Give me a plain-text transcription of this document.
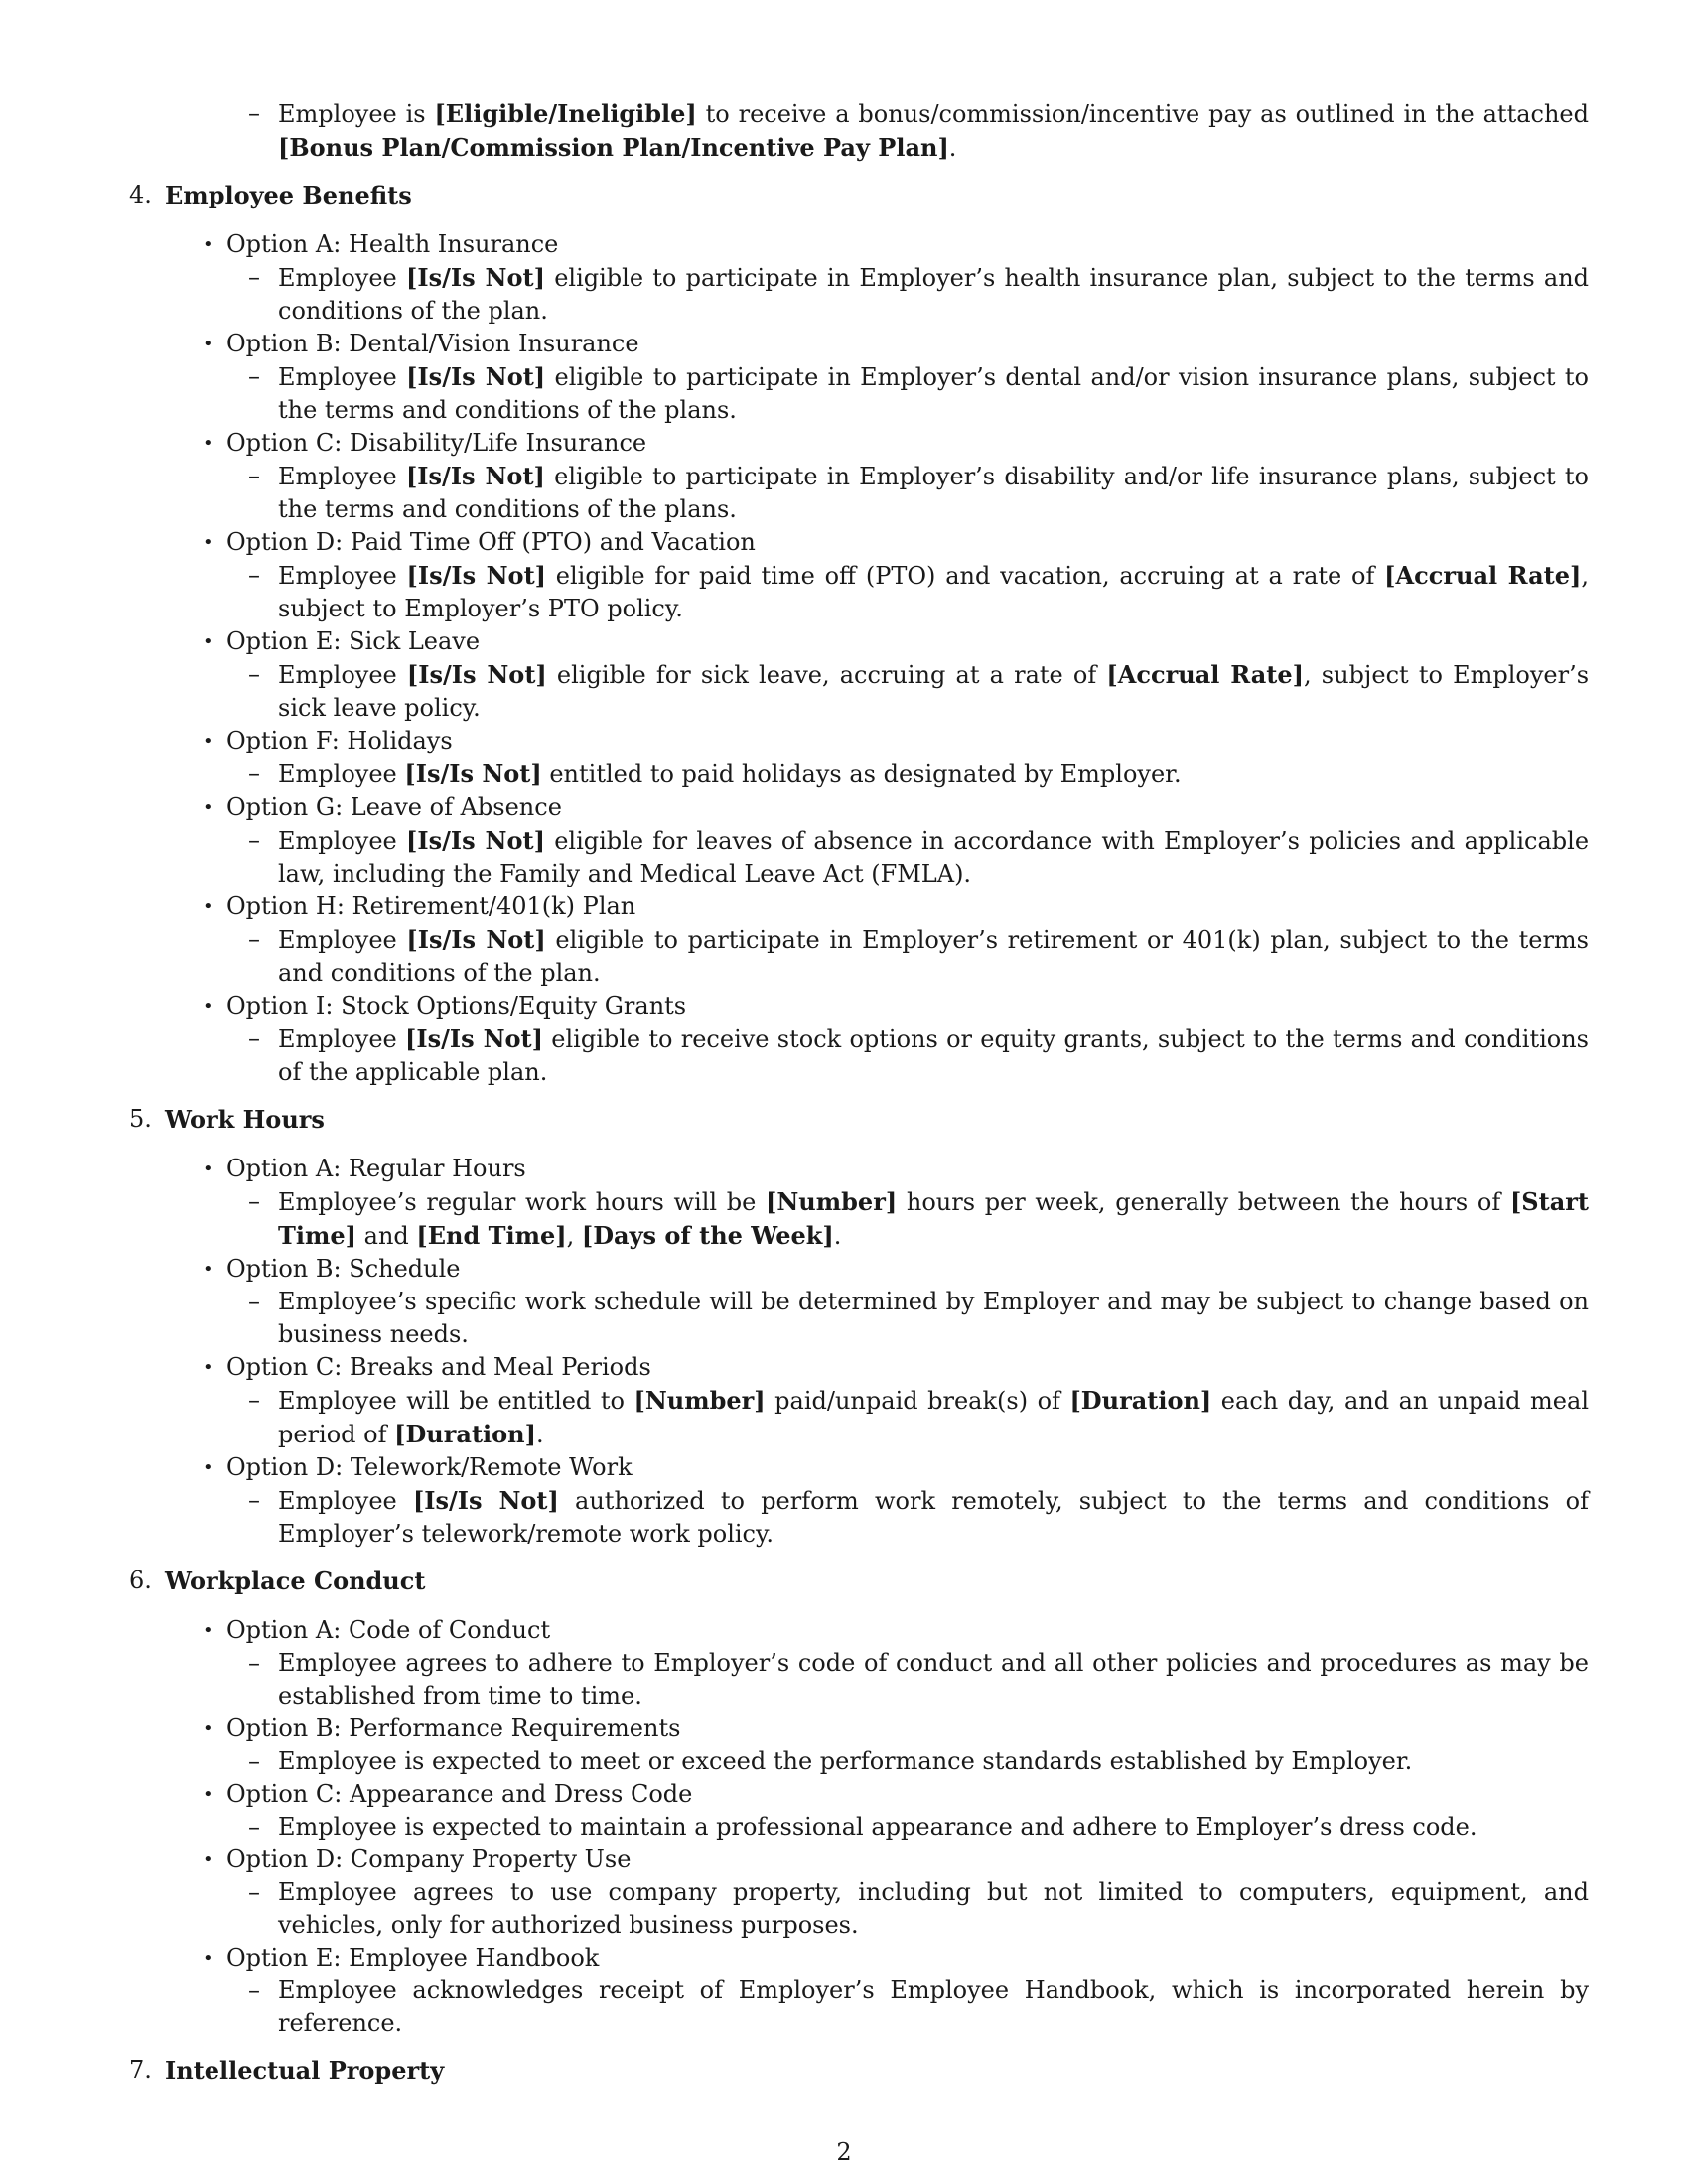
– Employee is [Eligible/Ineligible] to receive a bonus/commission/incentive pay as outlined in the attached [Bonus Plan/Commission Plan/Incentive Pay Plan].
4. Employee Benefits
• Option A: Health Insurance
– Employee [Is/Is Not] eligible to participate in Employer’s health insurance plan, subject to the terms and conditions of the plan.
• Option B: Dental/Vision Insurance
– Employee [Is/Is Not] eligible to participate in Employer’s dental and/or vision insurance plans, subject to the terms and conditions of the plans.
• Option C: Disability/Life Insurance
– Employee [Is/Is Not] eligible to participate in Employer’s disability and/or life insurance plans, subject to the terms and conditions of the plans.
• Option D: Paid Time Off (PTO) and Vacation
– Employee [Is/Is Not] eligible for paid time off (PTO) and vacation, accruing at a rate of [Accrual Rate], subject to Employer’s PTO policy.
• Option E: Sick Leave
– Employee [Is/Is Not] eligible for sick leave, accruing at a rate of [Accrual Rate], subject to Employer’s sick leave policy.
• Option F: Holidays
– Employee [Is/Is Not] entitled to paid holidays as designated by Employer.
• Option G: Leave of Absence
– Employee [Is/Is Not] eligible for leaves of absence in accordance with Employer’s policies and applicable law, including the Family and Medical Leave Act (FMLA).
• Option H: Retirement/401(k) Plan
– Employee [Is/Is Not] eligible to participate in Employer’s retirement or 401(k) plan, subject to the terms and conditions of the plan.
• Option I: Stock Options/Equity Grants
– Employee [Is/Is Not] eligible to receive stock options or equity grants, subject to the terms and conditions of the applicable plan.
5. Work Hours
• Option A: Regular Hours
– Employee’s regular work hours will be [Number] hours per week, generally between the hours of [Start Time] and [End Time], [Days of the Week].
• Option B: Schedule
– Employee’s specific work schedule will be determined by Employer and may be subject to change based on business needs.
• Option C: Breaks and Meal Periods
– Employee will be entitled to [Number] paid/unpaid break(s) of [Duration] each day, and an unpaid meal period of [Duration].
• Option D: Telework/Remote Work
– Employee [Is/Is Not] authorized to perform work remotely, subject to the terms and conditions of Employer’s telework/remote work policy.
6. Workplace Conduct
• Option A: Code of Conduct
– Employee agrees to adhere to Employer’s code of conduct and all other policies and procedures as may be established from time to time.
• Option B: Performance Requirements
– Employee is expected to meet or exceed the performance standards established by Employer.
• Option C: Appearance and Dress Code
– Employee is expected to maintain a professional appearance and adhere to Employer’s dress code.
• Option D: Company Property Use
– Employee agrees to use company property, including but not limited to computers, equipment, and vehicles, only for authorized business purposes.
• Option E: Employee Handbook
– Employee acknowledges receipt of Employer’s Employee Handbook, which is incorporated herein by reference.
7. Intellectual Property
2
